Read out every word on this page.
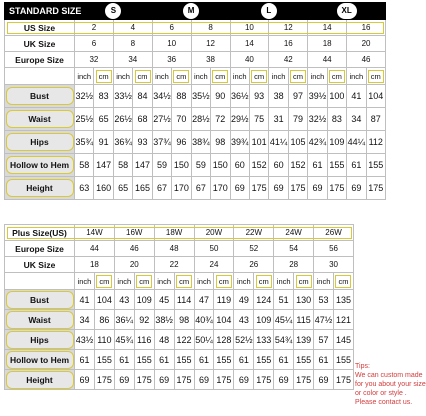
STANDARD SIZE	S				M				L				XL			
US Size	2		4		6		8		10		12		14		16	
UK Size	6		8		10		12		14		16		18		20	
Europe Size	32		34		36		38		40		42		44		46	
	inch	cm	inch	cm	inch	cm	inch	cm	inch	cm	inch	cm	inch	cm	inch	cm
Bust	32½	83	33½	84	34½	88	35½	90	36½	93	38	97	39½	100	41	104
Waist	25½	65	26½	68	27½	70	28½	72	29½	75	31	79	32½	83	34	87
Hips	35¾	91	36¾	93	37¾	96	38¾	98	39¾	101	41¼	105	42¾	109	44¼	112
Hollow to Hem	58	147	58	147	59	150	59	150	60	152	60	152	61	155	61	155
Height	63	160	65	165	67	170	67	170	69	175	69	175	69	175	69	175
Plus Size(US)	14W		16W		18W		20W		22W		24W		26W	
Europe Size	44		46		48		50		52		54		56	
UK Size	18		20		22		24		26		28		30	
	inch	cm	inch	cm	inch	cm	inch	cm	inch	cm	inch	cm	inch	cm
Bust	41	104	43	109	45	114	47	119	49	124	51	130	53	135
Waist	34	86	36¼	92	38½	98	40¾	104	43	109	45¼	115	47½	121
Hips	43½	110	45¾	116	48	122	50¼	128	52½	133	54¾	139	57	145
Hollow to Hem	61	155	61	155	61	155	61	155	61	155	61	155	61	155
Height	69	175	69	175	69	175	69	175	69	175	69	175	69	175
Tips:
We can custom made
for you about your size
or color or style .
Please contact us.
